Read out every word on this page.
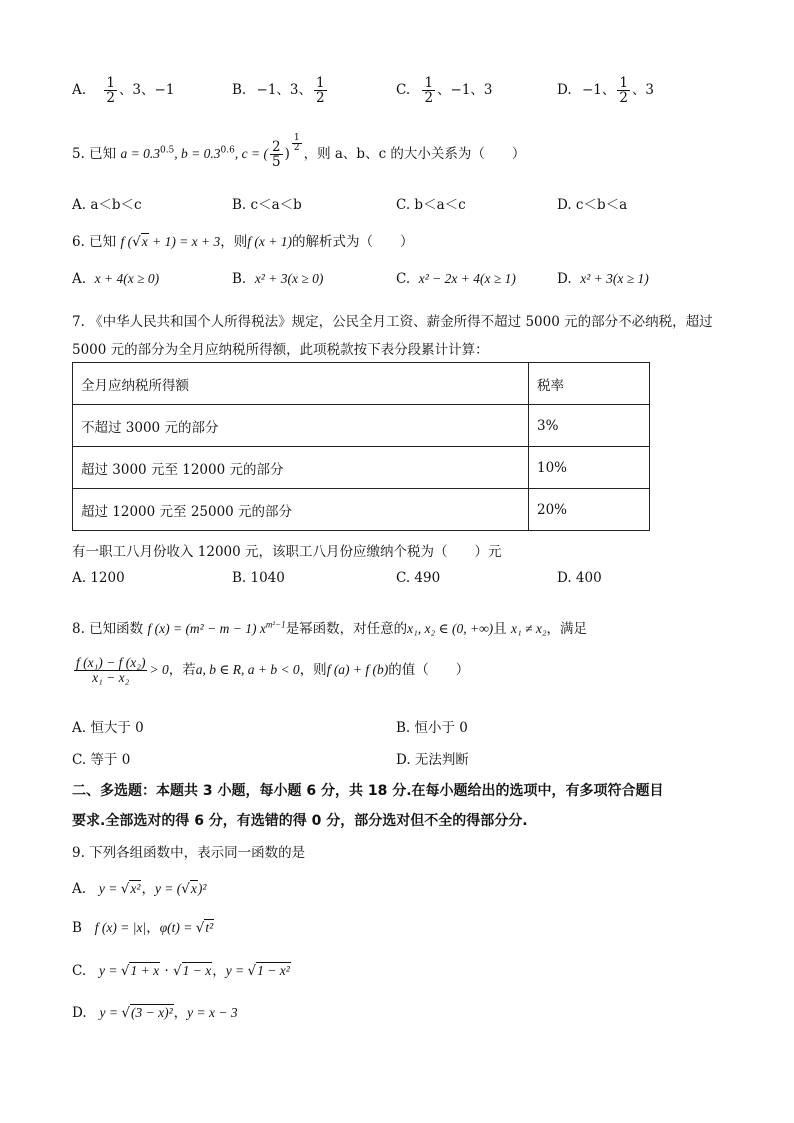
A. $\frac{1}{2}$ 、3、−1	B. −1、3、 $\frac{1}{2}$	C. $\frac{1}{2}$ 、−1、3	D. −1、 $\frac{1}{2}$ 、3
5. 已知 $a = 0.3^{0.5}$, $b = 0.3^{0.6}$, c = ( $\frac{2}{5}$ )
$\frac{1}{2}$
，则 a、b、c 的大小关系为（　　）
A. a＜b＜c	B. c＜a＜b	C. b＜a＜c	D. c＜b＜a
6. 已知 f (√x + 1) = x + 3，则f (x + 1)的解析式为（　　）
A. x + 4(x ≥ 0)	B. x² + 3(x ≥ 0)	C. x² − 2x + 4(x ≥ 1)	D. x² + 3(x ≥ 1)
7. 《中华人民共和国个人所得税法》规定，公民全月工资、薪金所得不超过 5000 元的部分不必纳税，超过
5000 元的部分为全月应纳税所得额，此项税款按下表分段累计计算：
全月应纳税所得额	税率
不超过 3000 元的部分	3%
超过 3000 元至 12000 元的部分	10%
超过 12000 元至 25000 元的部分	20%
有一职工八月份收入 12000 元，该职工八月份应缴纳个税为（　　）元
A. 1200	B. 1040	C. 490	D. 400
8. 已知函数 f (x) = (m² − m − 1) $x^{m^2-1}$是幂函数，对任意的x₁, x₂ ∈ (0, +∞)且 x₁ ≠ x₂，满足
$\frac{\text{f (x₁) − f (x₂)}}{\text{x₁ − x₂}} > 0$，若a, b ∈ R, a + b < 0，则f (a) + f (b)的值（　　）
A. 恒大于 0	B. 恒小于 0
C. 等于 0	D. 无法判断
二、多选题：本题共 3 小题，每小题 6 分，共 18 分.在每小题给出的选项中，有多项符合题目
要求.全部选对的得 6 分，有选错的得 0 分，部分选对但不全的得部分分.
9. 下列各组函数中，表示同一函数的是
A. y = √x²，y = (√x)²
B f (x) = |x|，φ(t) = √t²
C. y = √1 + x · √1 − x，y = √1 − x²
D. y = √(3 − x)²，y = x − 3
